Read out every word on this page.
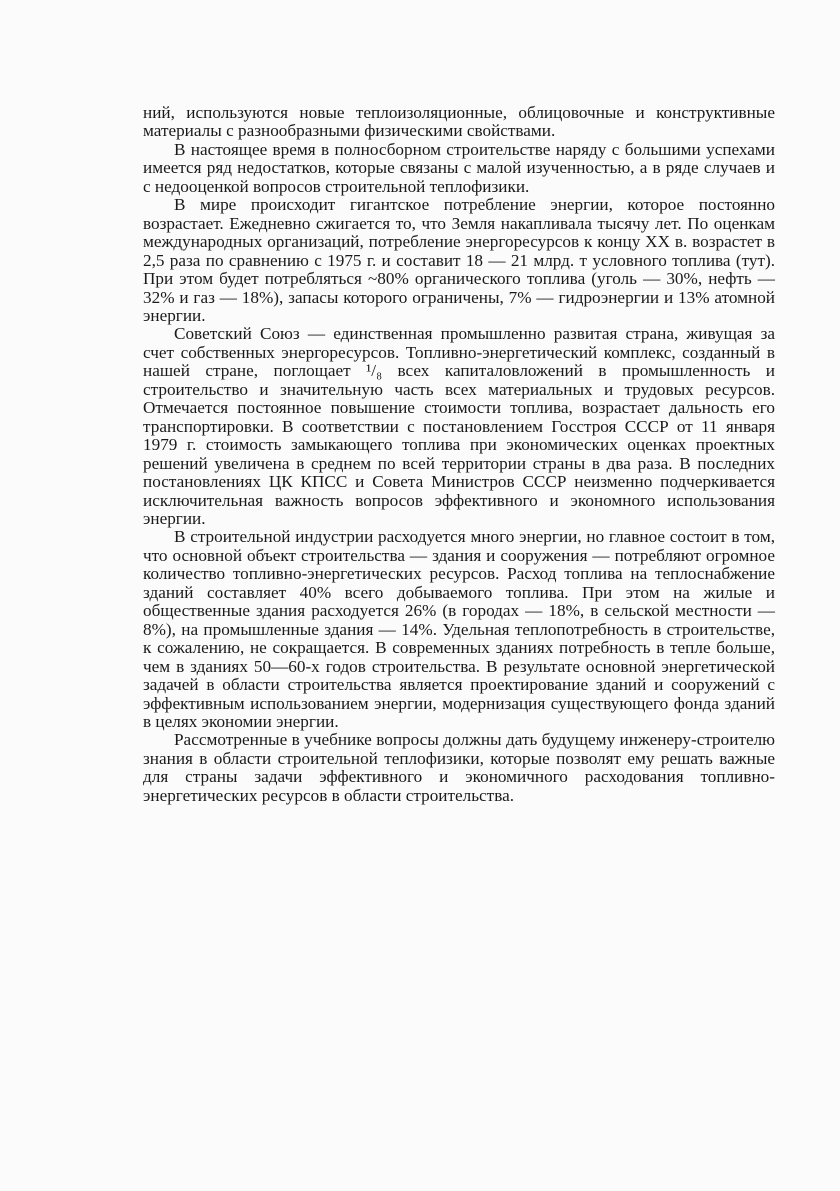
ний, используются новые теплоизоляционные, облицовочные и конструктивные материалы с разнообразными физическими свойствами.

В настоящее время в полносборном строительстве наряду с большими успехами имеется ряд недостатков, которые связаны с малой изученностью, а в ряде случаев и с недооценкой вопросов строительной теплофизики.

В мире происходит гигантское потребление энергии, которое постоянно возрастает. Ежедневно сжигается то, что Земля накапливала тысячу лет. По оценкам международных организаций, потребление энергоресурсов к концу XX в. возрастет в 2,5 раза по сравнению с 1975 г. и составит 18 — 21 млрд. т условного топлива (тут). При этом будет потребляться ~80% органического топлива (уголь — 30%, нефть —32% и газ — 18%), запасы которого ограничены, 7% — гидроэнергии и 13% атомной энергии.

Советский Союз — единственная промышленно развитая страна, живущая за счет собственных энергоресурсов. Топливно-энергетический комплекс, созданный в нашей стране, поглощает ¹/₈ всех капиталовложений в промышленность и строительство и значительную часть всех материальных и трудовых ресурсов. Отмечается постоянное повышение стоимости топлива, возрастает дальность его транспортировки. В соответствии с постановлением Госстроя СССР от 11 января 1979 г. стоимость замыкающего топлива при экономических оценках проектных решений увеличена в среднем по всей территории страны в два раза. В последних постановлениях ЦК КПСС и Совета Министров СССР неизменно подчеркивается исключительная важность вопросов эффективного и экономного использования энергии.

В строительной индустрии расходуется много энергии, но главное состоит в том, что основной объект строительства — здания и сооружения — потребляют огромное количество топливно-энергетических ресурсов. Расход топлива на теплоснабжение зданий составляет 40% всего добываемого топлива. При этом на жилые и общественные здания расходуется 26% (в городах — 18%, в сельской местности — 8%), на промышленные здания — 14%. Удельная теплопотребность в строительстве, к сожалению, не сокращается. В современных зданиях потребность в тепле больше, чем в зданиях 50—60-х годов строительства. В результате основной энергетической задачей в области строительства является проектирование зданий и сооружений с эффективным использованием энергии, модернизация существующего фонда зданий в целях экономии энергии.

Рассмотренные в учебнике вопросы должны дать будущему инженеру-строителю знания в области строительной теплофизики, которые позволят ему решать важные для страны задачи эффективного и экономичного расходования топливно-энергетических ресурсов в области строительства.
